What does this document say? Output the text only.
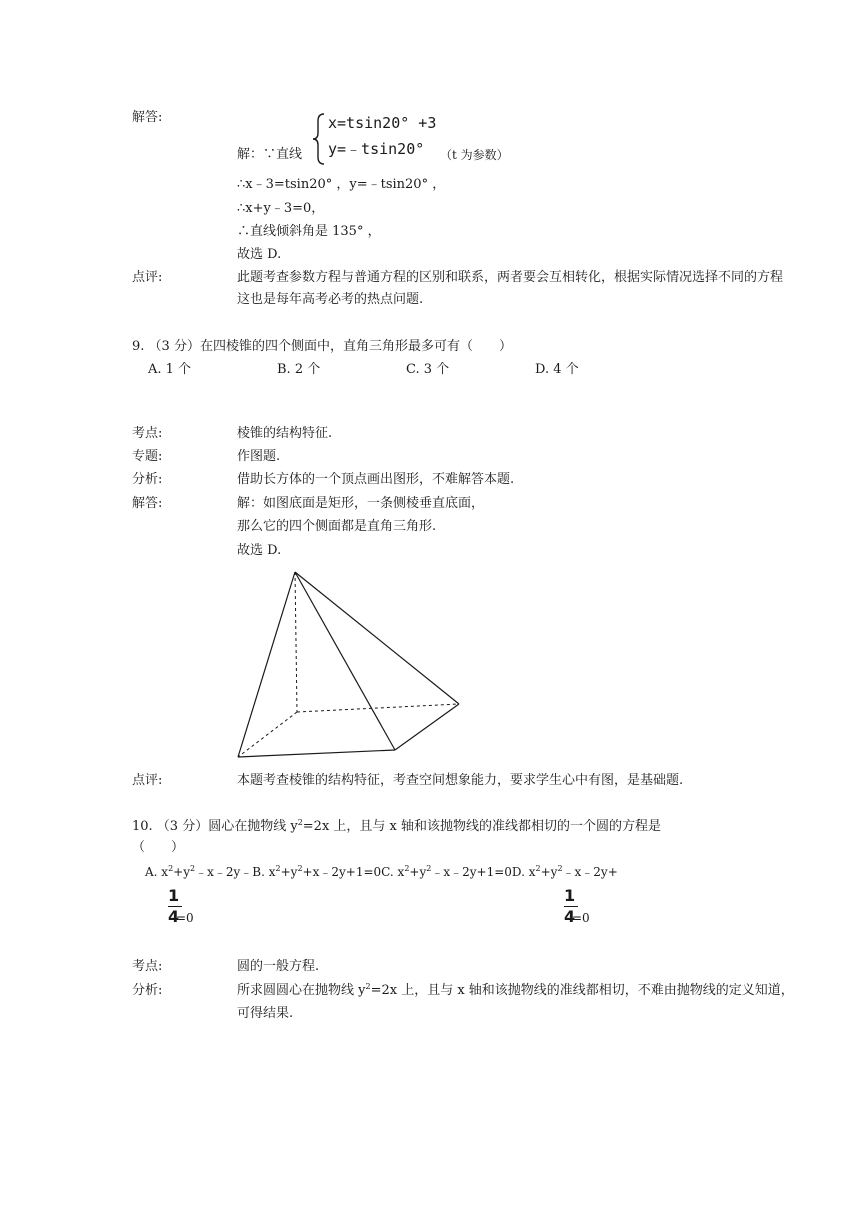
解答:
解：∵直线
x=tsin20° +3
y=﹣tsin20° （t 为参数）
∴x﹣3=tsin20° ，y=﹣tsin20° ，
∴x+y﹣3=0，
∴直线倾斜角是 135° ，
故选 D.
点评:	此题考查参数方程与普通方程的区别和联系，两者要会互相转化，根据实际情况选择不同的方程
这也是每年高考必考的热点问题.
9. （3 分）在四棱锥的四个侧面中，直角三角形最多可有（　　）
A. 1 个	B. 2 个	C. 3 个	D. 4 个
考点:	棱锥的结构特征.
专题:	作图题.
分析:	借助长方体的一个顶点画出图形，不难解答本题.
解答:	解：如图底面是矩形，一条侧棱垂直底面，
那么它的四个侧面都是直角三角形.
故选 D.
点评:	本题考查棱锥的结构特征，考查空间想象能力，要求学生心中有图，是基础题.
10. （3 分）圆心在抛物线 $y^2=2x$ 上，且与 x 轴和该抛物线的准线都相切的一个圆的方程是
（　　）
A. $x^2+y^2﹣x﹣2y﹣B$. $x^2+y^2+x﹣2y+1=0C$. $x^2+y^2﹣x﹣2y+1=0D$. $x^2+y^2﹣x﹣2y+$
1
4
=0
1
4
=0
考点:	圆的一般方程.
分析:	所求圆圆心在抛物线 $y^2=2x$ 上，且与 x 轴和该抛物线的准线都相切，不难由抛物线的定义知道，
可得结果.
